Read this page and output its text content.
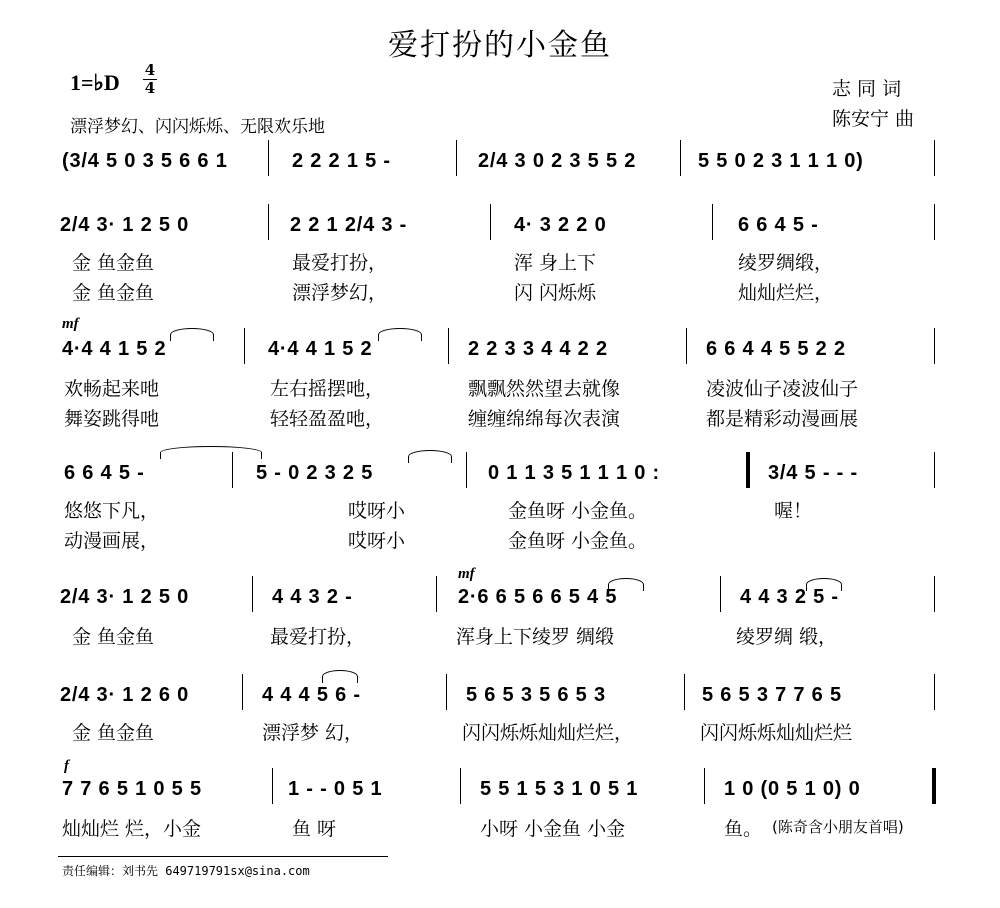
爱打扮的小金鱼
1=♭D $\frac{4}{4}$
漂浮梦幻、闪闪烁烁、无限欢乐地
志 同 词
陈安宁 曲
(3/4 5 0 3 5 6 6 1	2 2 2 1 5 -	2/4 3 0 2 3 5 5 2	5 5 0 2 3 1 1 1 0)
2/4 3· 1 2 5 0	2 2 1 2/4 3 -	4· 3 2 2 0	6 6 4 5 -
金 鱼金鱼	最爱打扮，	浑 身上下	绫罗绸缎，
金 鱼金鱼	漂浮梦幻，	闪 闪烁烁	灿灿烂烂，
mf
4·4 4 1 5 2	4·4 4 1 5 2	2 2 3 3 4 4 2 2	6 6 4 4 5 5 2 2
欢畅起来吔	左右摇摆吔，	飘飘然然望去就像	凌波仙子凌波仙子
舞姿跳得吔	轻轻盈盈吔，	缠缠绵绵每次表演	都是精彩动漫画展
6 6 4 5 -	5 - 0 2 3 2 5	0 1 1 3 5 1 1 1 0 :	3/4 5 - - -
悠悠下凡，	哎呀小	金鱼呀 小金鱼。	喔！
动漫画展，	哎呀小	金鱼呀 小金鱼。
mf
2/4 3· 1 2 5 0	4 4 3 2 -	2·6 6 5 6 6 5 4 5	4 4 3 2 5 -
金 鱼金鱼	最爱打扮，	浑身上下绫罗 绸缎	绫罗绸 缎，
2/4 3· 1 2 6 0	4 4 4 5 6 -	5 6 5 3 5 6 5 3	5 6 5 3 7 7 6 5
金 鱼金鱼	漂浮梦 幻，	闪闪烁烁灿灿烂烂，	闪闪烁烁灿灿烂烂
f
7 7 6 5 1 0 5 5	1 - - 0 5 1	5 5 1 5 3 1 0 5 1	1 0 (0 5 1 0) 0
灿灿烂 烂，小金	鱼 呀	小呀 小金鱼 小金	鱼。 (陈奇含小朋友首唱)
责任编辑：刘书先 649719791sx@sina.com
